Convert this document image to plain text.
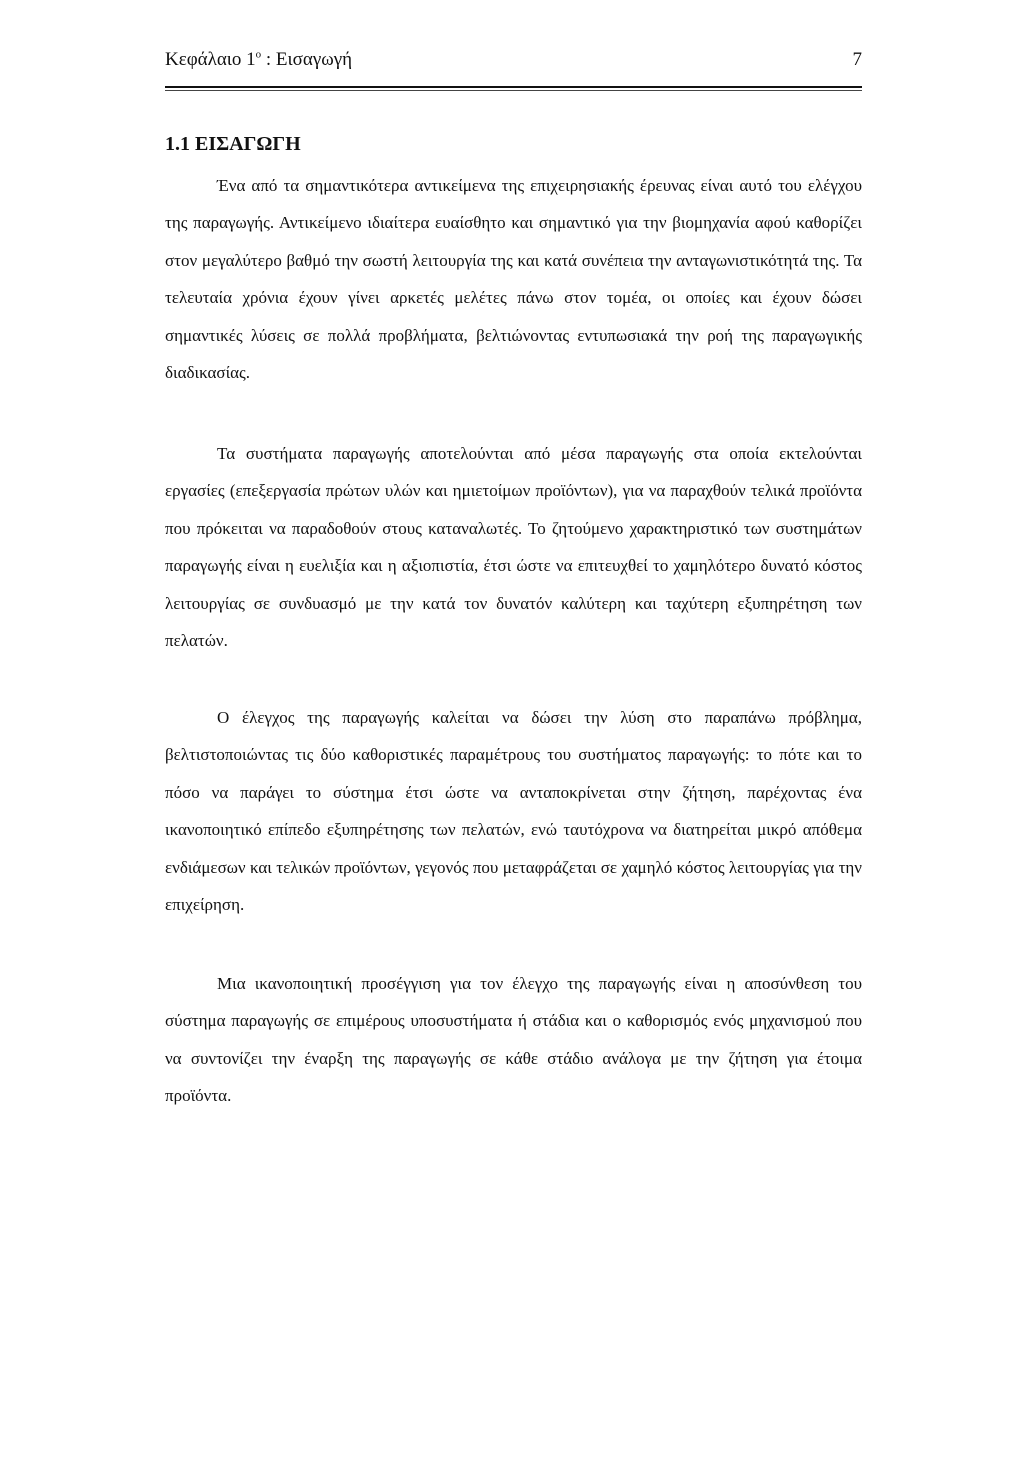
Κεφάλαιο $1^o$ : Εισαγωγή	7
1.1 ΕΙΣΑΓΩΓΗ

Ένα από τα σημαντικότερα αντικείμενα της επιχειρησιακής έρευνας είναι αυτό του ελέγχου της παραγωγής. Αντικείμενο ιδιαίτερα ευαίσθητο και σημαντικό για την βιομηχανία αφού καθορίζει στον μεγαλύτερο βαθμό την σωστή λειτουργία της και κατά συνέπεια την ανταγωνιστικότητά της. Τα τελευταία χρόνια έχουν γίνει αρκετές μελέτες πάνω στον τομέα, οι οποίες και έχουν δώσει σημαντικές λύσεις σε πολλά προβλήματα, βελτιώνοντας εντυπωσιακά την ροή της παραγωγικής διαδικασίας.

Τα συστήματα παραγωγής αποτελούνται από μέσα παραγωγής στα οποία εκτελούνται εργασίες (επεξεργασία πρώτων υλών και ημιετοίμων προϊόντων), για να παραχθούν τελικά προϊόντα που πρόκειται να παραδοθούν στους καταναλωτές. Το ζητούμενο χαρακτηριστικό των συστημάτων παραγωγής είναι η ευελιξία και η αξιοπιστία, έτσι ώστε να επιτευχθεί το χαμηλότερο δυνατό κόστος λειτουργίας σε συνδυασμό με την κατά τον δυνατόν καλύτερη και ταχύτερη εξυπηρέτηση των πελατών.

Ο έλεγχος της παραγωγής καλείται να δώσει την λύση στο παραπάνω πρόβλημα, βελτιστοποιώντας τις δύο καθοριστικές παραμέτρους του συστήματος παραγωγής: το πότε και το πόσο να παράγει το σύστημα έτσι ώστε να ανταποκρίνεται στην ζήτηση, παρέχοντας ένα ικανοποιητικό επίπεδο εξυπηρέτησης των πελατών, ενώ ταυτόχρονα να διατηρείται μικρό απόθεμα ενδιάμεσων και τελικών προϊόντων, γεγονός που μεταφράζεται σε χαμηλό κόστος λειτουργίας για την επιχείρηση.

Μια ικανοποιητική προσέγγιση για τον έλεγχο της παραγωγής είναι η αποσύνθεση του σύστημα παραγωγής σε επιμέρους υποσυστήματα ή στάδια και ο καθορισμός ενός μηχανισμού που να συντονίζει την έναρξη της παραγωγής σε κάθε στάδιο ανάλογα με την ζήτηση για έτοιμα προϊόντα.
